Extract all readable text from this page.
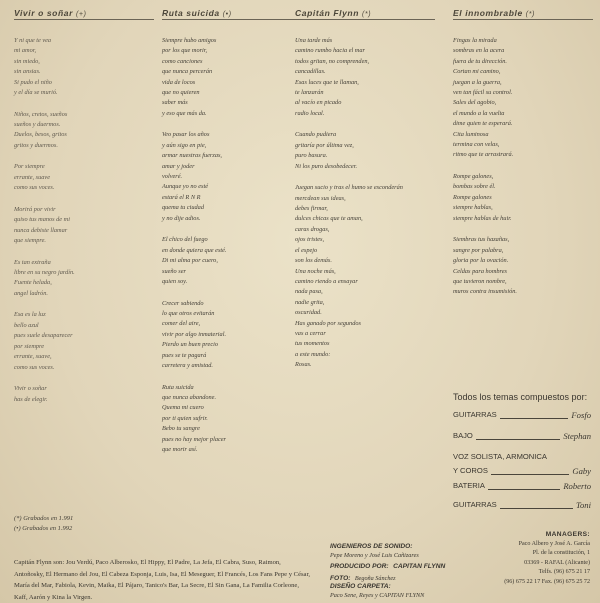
Vivir o soñar (+)
Y ni que te vea
mi amor,
sin miedo,
sin ansias.
Si pudo el niño
y el día se murió.
Niños, cretos, sueños
sueños y duermos.
Duelos, besos, gritos
gritos y duermos.
Por siempre
errante, suave
como sus voces.
Morirá por vivir
quiso tus manos de mi
nunca debiste llamar
que siempre.
Es tan extraña
libre en su negro jardín.
Fuente helada,
angel ladrón.
Esa es la luz
bello azul
pues suele desaparecer
por siempre
errante, suave,
como sus voces.
Vivir o soñar
has de elegir.
Ruta suicida (•)
Siempre hubo amigos
por los que morir,
como canciones
que nunca percerán
vida de locos
que no quieren
saber más
y eso que más da.
Veo pasar los años
y aún sigo en pie,
armar nuestras fuerzas,
amar y joder
volveré.
Aunque yo no esté
estará el R N R
quema tu ciudad
y no dije adios.
El chico del fuego
en donde quiera que esté.
Di mi alma por cuero,
sueño ser
quien soy.
Crecer sabiendo
lo que otros evitarán
comer del aire,
vivir por algo inmaterial.
Pierdo un buen precio
pues se te pagará
carretera y amistad.
Ruta suicida
que nunca abandone.
Quema mi cuero
por ti quien sufrir.
Bebo tu sangre
pues no hay mejor placer
que morir así.
Capitán Flynn (*)
Una tarde más
camino rumbo hacia el mar
todos gritan, no comprenden,
cancadillas.
Esas luces que te llaman,
te lanzarán
al vacío en picado
radio local.
Cuando pudiera
gritaría por última vez,
puro basura.
Ni los puro desobedecer.
Juegan sucio y tras el humo se esconderán
mercdean sus ideas,
debes firmar,
dulces chicas que te aman,
caras drogas,
ojos tristes,
el espejo
son los demás.
Una noche más,
camino riendo a ensayar
nada pasa,
nadie grita,
oscuridad.
Has ganado por segundos
vas a cerrar
tus momentos
a este mundo:
Rosas.
El innombrable (*)
Fingas la mirada
sombras en la acera
fuera de tu dirección.
Cortan mi camino,
juegan a la guerra,
ven tan fácil su control.
Sales del agobio,
el mundo a la vuelta
dime quien te esperará.
Cita luminosa
termina con velas,
ritmo que te arrastrará.
Rompe galones,
bombas sobre él.
Rompe galones
siempre hablas,
siempre hablas de huir.
Siembras tus hazañas,
sangre por palabra,
gloria por la ovación.
Celdas para hombres
que tuvieron nombre,
muros contra insumisión.
(*) Grabados en 1.991
(•) Grabados en 1.992
Todos los temas compuestos por:
GUITARRAS	Fosfo
BAJO	Stephan
VOZ SOLISTA, ARMONICA
Y COROS	Gaby
BATERIA	Roberto
GUITARRAS	Toni
Capitán Flynn son: Jou Verdú, Paco Alberosko, El Hippy, El Padre, La Jefa, El Cabra, Suso, Raimon, Antoñosky, El Hermano del Jou, El Cabeza Esponja, Luis, Isa, El Meseguer, El Francés, Los Fans Pepe y César, María del Mar, Fabiola, Kevin, Maika, El Pájaro, Tanico's Bar, La Secre, El Sin Gana, La Familia Corleone, Kaff, Aarón y Kina la Virgen.
INGENIEROS DE SONIDO:
Pepe Moreno y José Luis Cañizares
PRODUCIDO POR: CAPITAN FLYNN
FOTO: Begoña Sánchez
DISEÑO CARPETA:
Paco Sene, Reyes y CAPITAN FLYNN
MANAGERS:
Paco Albero y José A. García
Pl. de la constitución, 1
03369 - RAFAL (Alicante)
Telfs. (96) 675 21 17
(96) 675 22 17 Fax. (96) 675 25 72
